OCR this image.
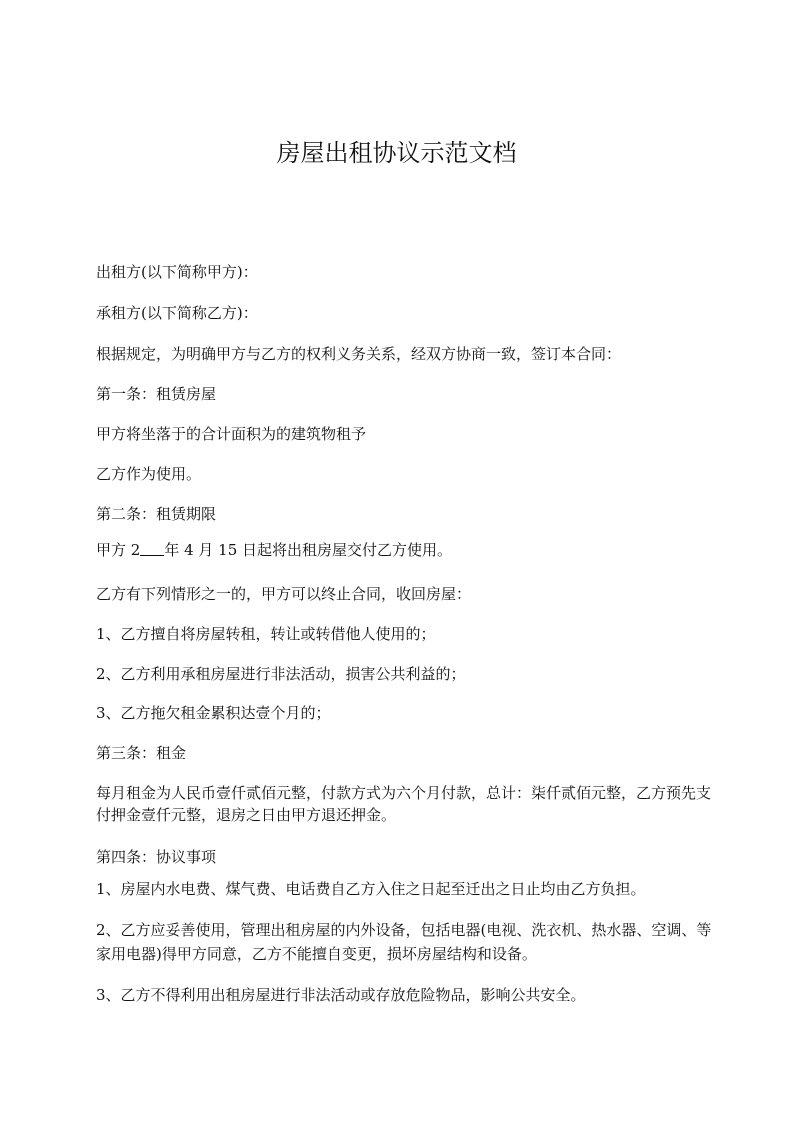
房屋出租协议示范文档
出租方(以下简称甲方)：
承租方(以下简称乙方)：
根据规定，为明确甲方与乙方的权利义务关系，经双方协商一致，签订本合同：
第一条：租赁房屋
甲方将坐落于的合计面积为的建筑物租予
乙方作为使用。
第二条：租赁期限
甲方 2 年 4 月 15 日起将出租房屋交付乙方使用。
乙方有下列情形之一的，甲方可以终止合同，收回房屋：
1、乙方擅自将房屋转租，转让或转借他人使用的；
2、乙方利用承租房屋进行非法活动，损害公共利益的；
3、乙方拖欠租金累积达壹个月的；
第三条：租金
每月租金为人民币壹仟贰佰元整，付款方式为六个月付款，总计：柒仟贰佰元整，乙方预先支付押金壹仟元整，退房之日由甲方退还押金。
第四条：协议事项
1、房屋内水电费、煤气费、电话费自乙方入住之日起至迁出之日止均由乙方负担。
2、乙方应妥善使用，管理出租房屋的内外设备，包括电器(电视、洗衣机、热水器、空调、等家用电器)得甲方同意，乙方不能擅自变更，损坏房屋结构和设备。
3、乙方不得利用出租房屋进行非法活动或存放危险物品，影响公共安全。
